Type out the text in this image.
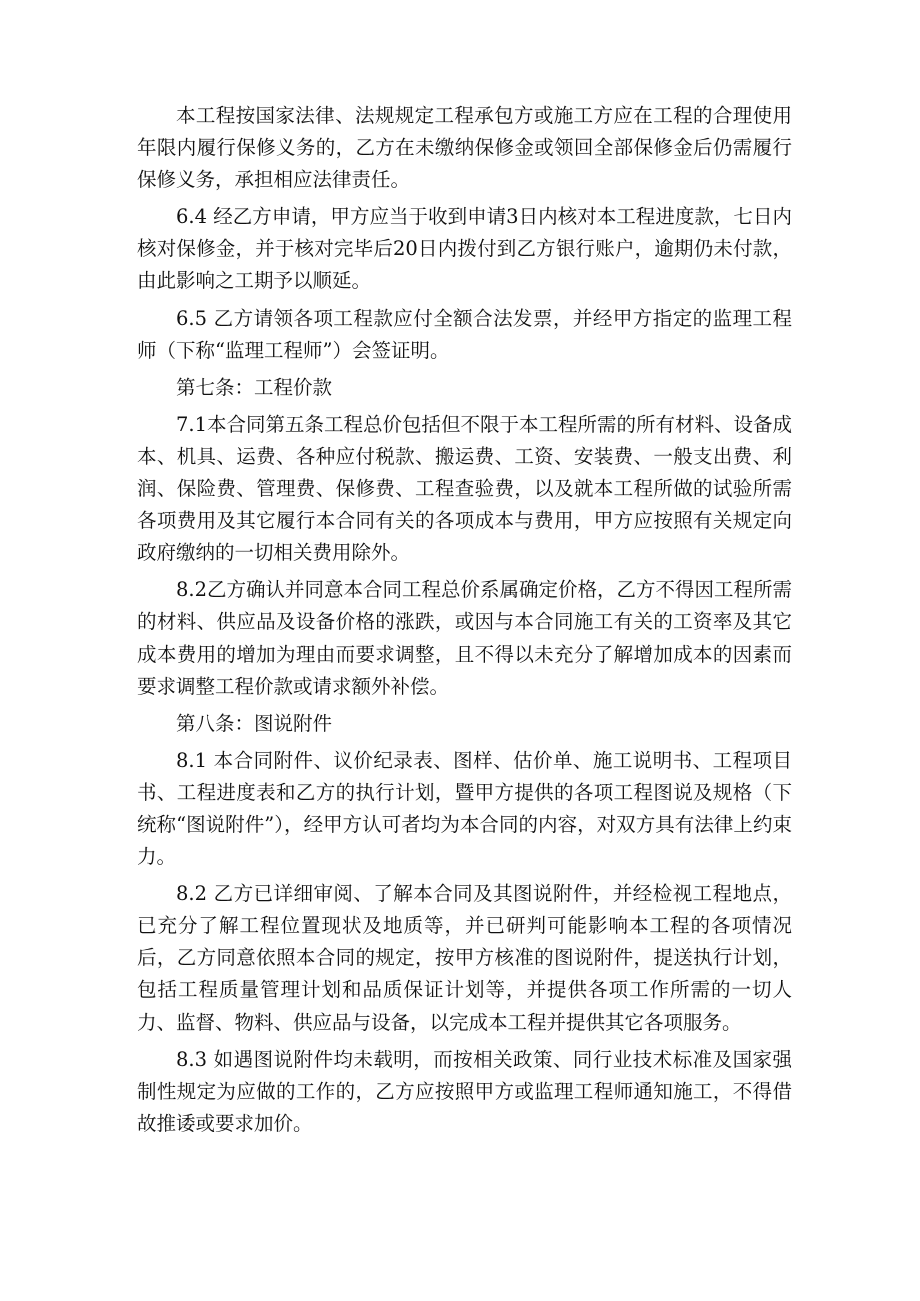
本工程按国家法律、法规规定工程承包方或施工方应在工程的合理使用年限内履行保修义务的，乙方在未缴纳保修金或领回全部保修金后仍需履行保修义务，承担相应法律责任。

6.4 经乙方申请，甲方应当于收到申请3日内核对本工程进度款，七日内核对保修金，并于核对完毕后20日内拨付到乙方银行账户，逾期仍未付款，由此影响之工期予以顺延。

6.5 乙方请领各项工程款应付全额合法发票，并经甲方指定的监理工程师（下称“监理工程师”）会签证明。

第七条：工程价款

7.1本合同第五条工程总价包括但不限于本工程所需的所有材料、设备成本、机具、运费、各种应付税款、搬运费、工资、安装费、一般支出费、利润、保险费、管理费、保修费、工程查验费，以及就本工程所做的试验所需各项费用及其它履行本合同有关的各项成本与费用，甲方应按照有关规定向政府缴纳的一切相关费用除外。

8.2乙方确认并同意本合同工程总价系属确定价格，乙方不得因工程所需的材料、供应品及设备价格的涨跌，或因与本合同施工有关的工资率及其它成本费用的增加为理由而要求调整，且不得以未充分了解增加成本的因素而要求调整工程价款或请求额外补偿。

第八条：图说附件

8.1 本合同附件、议价纪录表、图样、估价单、施工说明书、工程项目书、工程进度表和乙方的执行计划，暨甲方提供的各项工程图说及规格（下统称“图说附件”），经甲方认可者均为本合同的内容，对双方具有法律上约束力。

8.2 乙方已详细审阅、了解本合同及其图说附件，并经检视工程地点，已充分了解工程位置现状及地质等，并已研判可能影响本工程的各项情况后，乙方同意依照本合同的规定，按甲方核准的图说附件，提送执行计划，包括工程质量管理计划和品质保证计划等，并提供各项工作所需的一切人力、监督、物料、供应品与设备，以完成本工程并提供其它各项服务。

8.3 如遇图说附件均未载明，而按相关政策、同行业技术标准及国家强制性规定为应做的工作的，乙方应按照甲方或监理工程师通知施工，不得借故推诿或要求加价。
